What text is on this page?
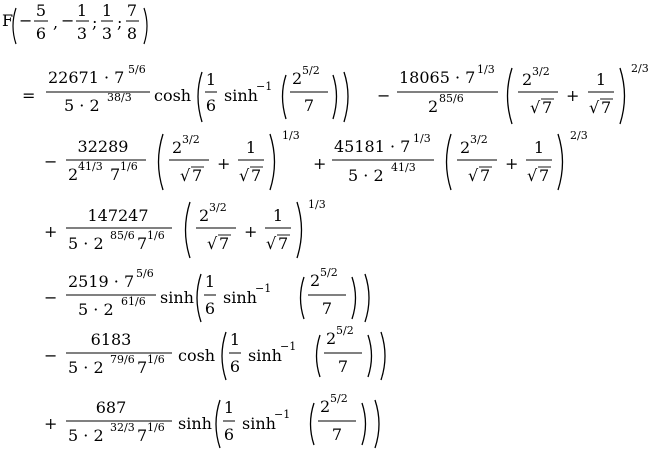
F −
5
6
, −
1
3
;
1
3
;
7
8
=
22671 · 7 5/6
5 · 2 38/3 cosh
1
6
sinh
−1 2 5/2
7
−
18065 · 7 1/3
2 85/6
2 3/2
√ 7
+
1
√ 7
2/3
−
32289
2 41/3 7 1/6
2 3/2
√ 7
+
1
√ 7
1/3
+
45181 · 7 1/3
5 · 2 41/3
2 3/2
√ 7
+
1
√ 7
2/3
+
147247
5 · 2 85/6 7 1/6
2 3/2
√ 7
+
1
√ 7
1/3
−
2519 · 7 5/6
5 · 2 61/6 sinh
1
6
sinh
−1 2 5/2
7
−
6183
5 · 2 79/6 7 1/6 cosh
1
6
sinh
−1 2 5/2
7
+
687
5 · 2 32/3 7 1/6 sinh
1
6
sinh
−1 2 5/2
7
